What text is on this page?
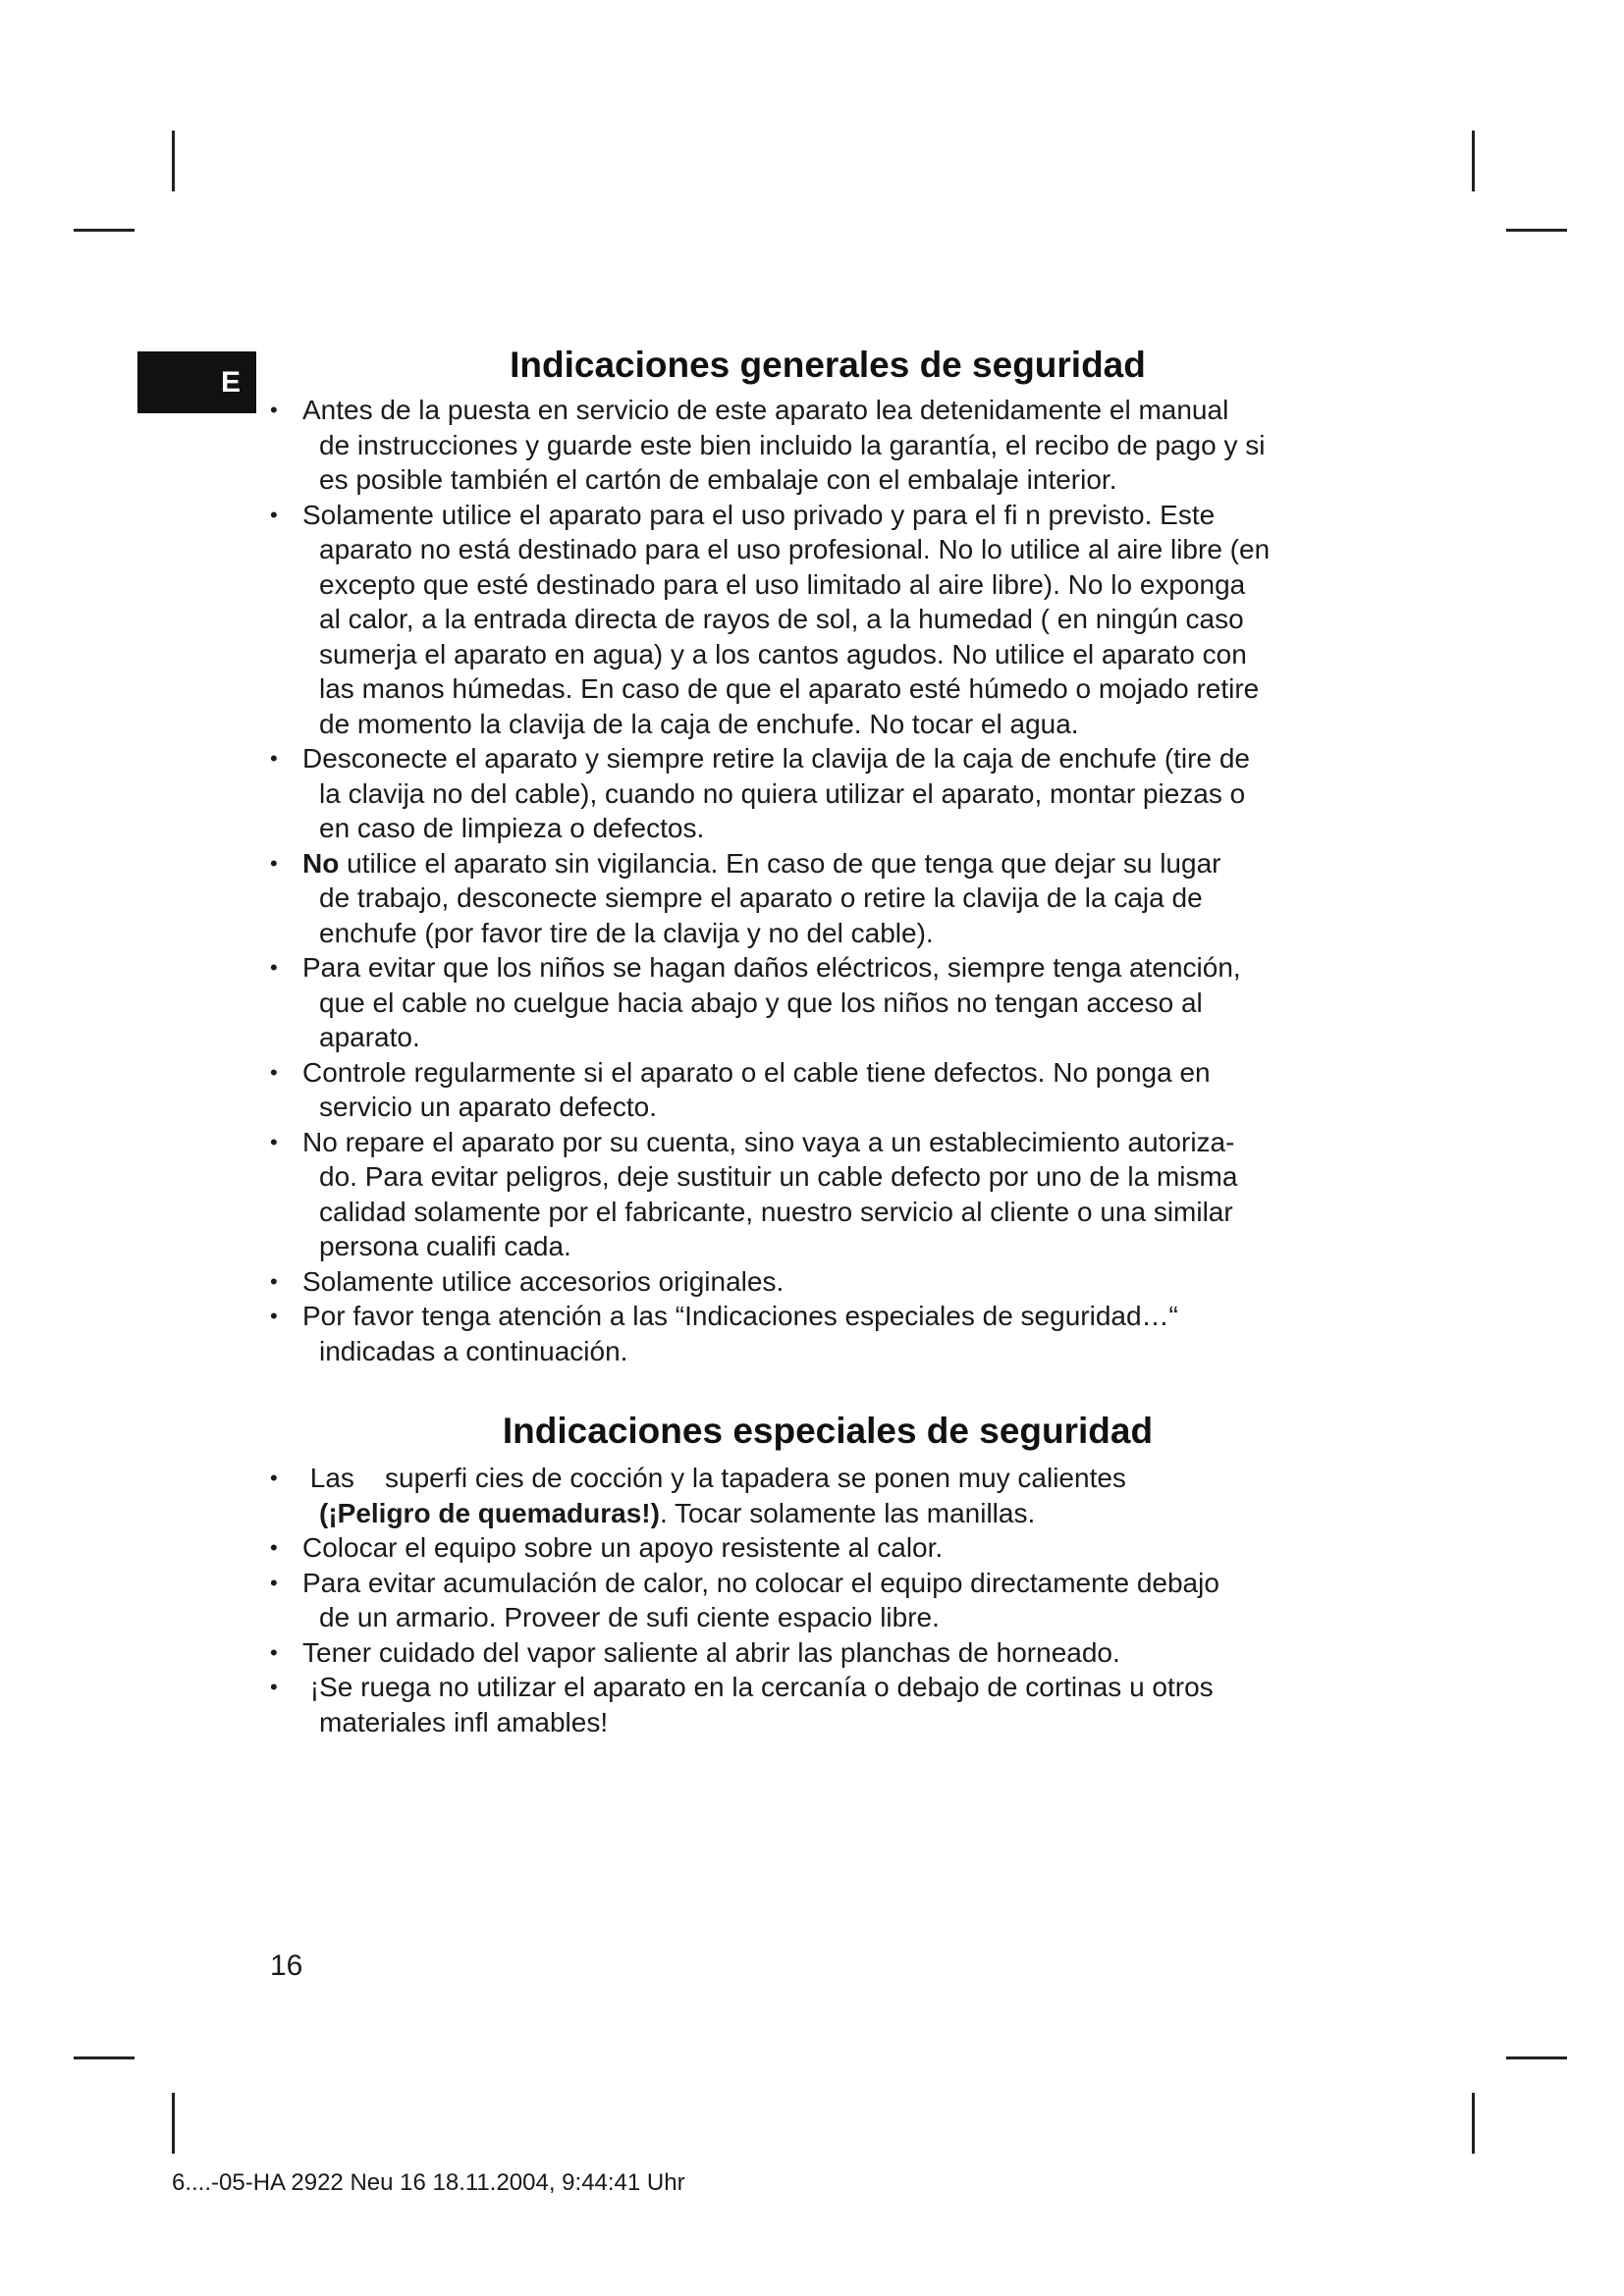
E	Indicaciones generales de seguridad
• Antes de la puesta en servicio de este aparato lea detenidamente el manual
de instrucciones y guarde este bien incluido la garantía, el recibo de pago y si
es posible también el cartón de embalaje con el embalaje interior.
• Solamente utilice el aparato para el uso privado y para el fi n previsto. Este
aparato no está destinado para el uso profesional. No lo utilice al aire libre (en
excepto que esté destinado para el uso limitado al aire libre). No lo exponga
al calor, a la entrada directa de rayos de sol, a la humedad ( en ningún caso
sumerja el aparato en agua) y a los cantos agudos. No utilice el aparato con
las manos húmedas. En caso de que el aparato esté húmedo o mojado retire
de momento la clavija de la caja de enchufe. No tocar el agua.
• Desconecte el aparato y siempre retire la clavija de la caja de enchufe (tire de
la clavija no del cable), cuando no quiera utilizar el aparato, montar piezas o
en caso de limpieza o defectos.
• No utilice el aparato sin vigilancia. En caso de que tenga que dejar su lugar
de trabajo, desconecte siempre el aparato o retire la clavija de la caja de
enchufe (por favor tire de la clavija y no del cable).
• Para evitar que los niños se hagan daños eléctricos, siempre tenga atención,
que el cable no cuelgue hacia abajo y que los niños no tengan acceso al
aparato.
• Controle regularmente si el aparato o el cable tiene defectos. No ponga en
servicio un aparato defecto.
• No repare el aparato por su cuenta, sino vaya a un establecimiento autoriza-
do. Para evitar peligros, deje sustituir un cable defecto por uno de la misma
calidad solamente por el fabricante, nuestro servicio al cliente o una similar
persona cualifi cada.
• Solamente utilice accesorios originales.
• Por favor tenga atención a las “Indicaciones especiales de seguridad…“
indicadas a continuación.
Indicaciones especiales de seguridad
•  Las    superfi cies de cocción y la tapadera se ponen muy calientes
(¡Peligro de quemaduras!). Tocar solamente las manillas.
• Colocar el equipo sobre un apoyo resistente al calor.
• Para evitar acumulación de calor, no colocar el equipo directamente debajo
de un armario. Proveer de sufi ciente espacio libre.
• Tener cuidado del vapor saliente al abrir las planchas de horneado.
•  ¡Se ruega no utilizar el aparato en la cercanía o debajo de cortinas u otros
materiales infl amables!
16
6....-05-HA 2922 Neu 16 18.11.2004, 9:44:41 Uhr
